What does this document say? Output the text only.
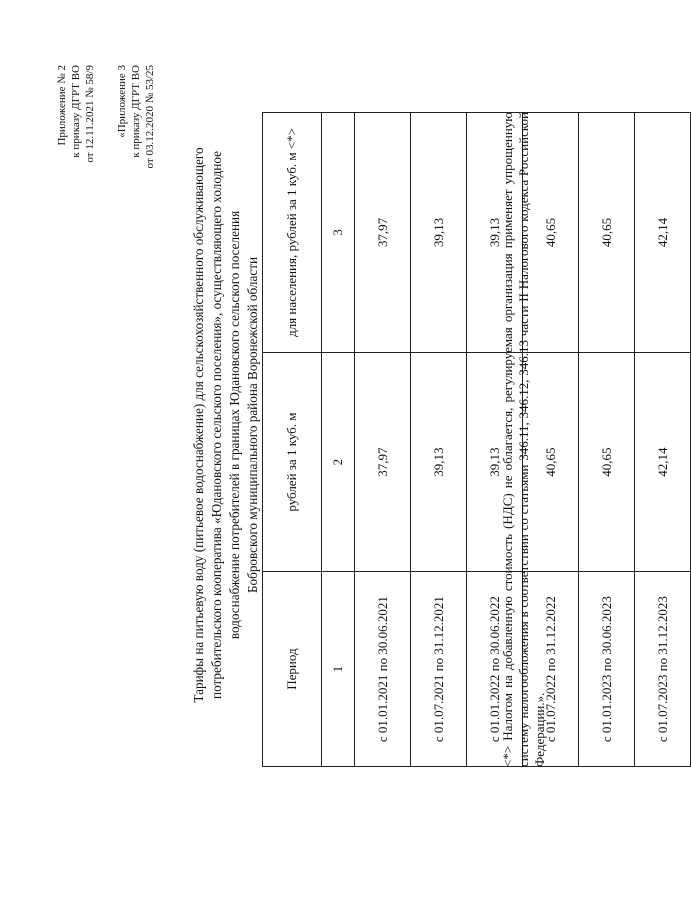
Приложение № 2 к приказу ДГРТ ВО от 12.11.2021 № 58/9 «Приложение 3 к приказу ДГРТ ВО от 03.12.2020 № 53/25
Тарифы на питьевую воду (питьевое водоснабжение) для сельскохозяйственного обслуживающего потребительского кооператива «Юдановского сельского поселения», осуществляющего холодное водоснабжение потребителей в границах Юдановского сельского поселения Бобровского муниципального района Воронежской области
Период	рублей за 1 куб. м	для населения, рублей за 1 куб. м <*>
1	2	3
с 01.01.2021 по 30.06.2021	37,97	37,97
с 01.07.2021 по 31.12.2021	39,13	39,13
с 01.01.2022 по 30.06.2022	39,13	39,13
с 01.07.2022 по 31.12.2022	40,65	40,65
с 01.01.2023 по 30.06.2023	40,65	40,65
с 01.07.2023 по 31.12.2023	42,14	42,14
<*> Налогом на добавленную стоимость (НДС) не облагается, регулируемая организация применяет упрощенную систему налогообложения в соответствии со статьями 346.11, 346.12, 346.13 части II Налогового кодекса Российской Федерации.».
